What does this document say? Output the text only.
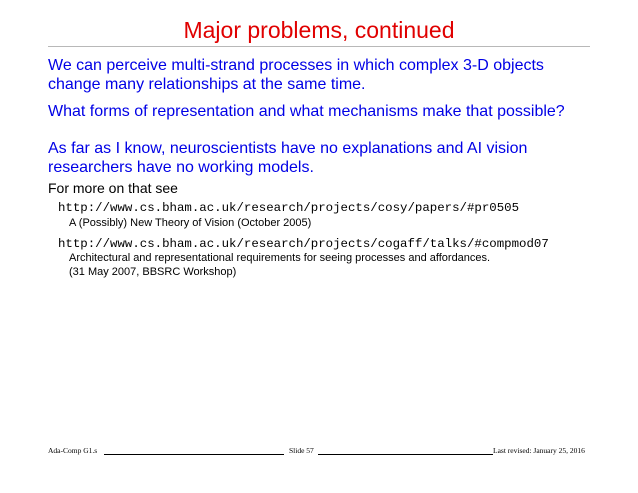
Major problems, continued
We can perceive multi-strand processes in which complex 3-D objects
change many relationships at the same time.
What forms of representation and what mechanisms make that possible?
As far as I know, neuroscientists have no explanations and AI vision
researchers have no working models.
For more on that see
http://www.cs.bham.ac.uk/research/projects/cosy/papers/#pr0505
A (Possibly) New Theory of Vision (October 2005)
http://www.cs.bham.ac.uk/research/projects/cogaff/talks/#compmod07
Architectural and representational requirements for seeing processes and affordances.
(31 May 2007, BBSRC Workshop)
Ada-Comp G1.s	Slide 57	Last revised: January 25, 2016
